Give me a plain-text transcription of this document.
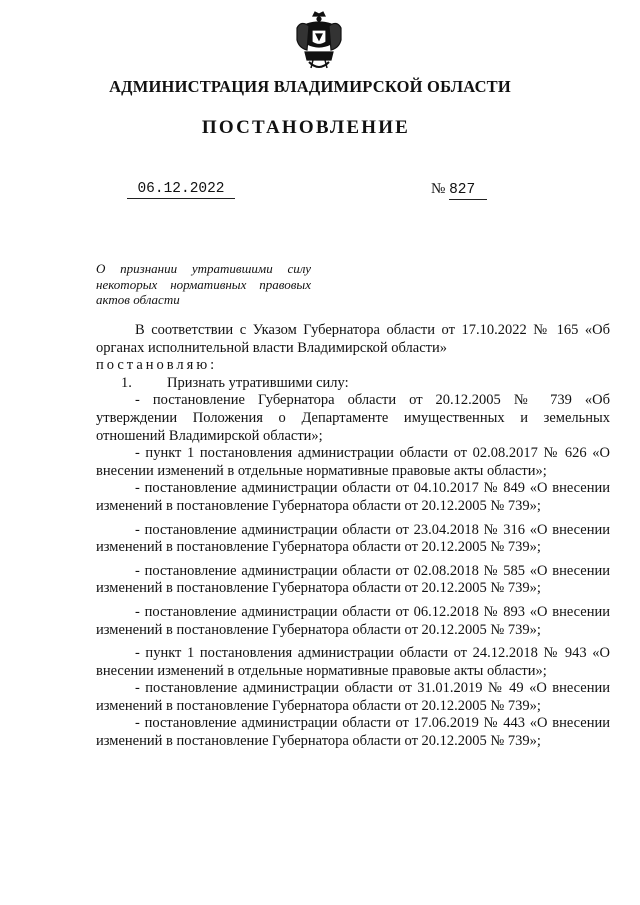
АДМИНИСТРАЦИЯ ВЛАДИМИРСКОЙ ОБЛАСТИ
ПОСТАНОВЛЕНИЕ
06.12.2022	№ 827
О признании утратившими силу
некоторых нормативных правовых
актов области
В соответствии с Указом Губернатора области от 17.10.2022 № 165 «Об органах исполнительной власти Владимирской области»
постановляю:
1. Признать утратившими силу:
- постановление Губернатора области от 20.12.2005 № 739 «Об утверждении Положения о Департаменте имущественных и земельных отношений Владимирской области»;
- пункт 1 постановления администрации области от 02.08.2017 № 626 «О внесении изменений в отдельные нормативные правовые акты области»;
- постановление администрации области от 04.10.2017 № 849 «О внесении изменений в постановление Губернатора области от 20.12.2005 № 739»;
- постановление администрации области от 23.04.2018 № 316 «О внесении изменений в постановление Губернатора области от 20.12.2005 № 739»;
- постановление администрации области от 02.08.2018 № 585 «О внесении изменений в постановление Губернатора области от 20.12.2005 № 739»;
- постановление администрации области от 06.12.2018 № 893 «О внесении изменений в постановление Губернатора области от 20.12.2005 № 739»;
- пункт 1 постановления администрации области от 24.12.2018 № 943 «О внесении изменений в отдельные нормативные правовые акты области»;
- постановление администрации области от 31.01.2019 № 49 «О внесении изменений в постановление Губернатора области от 20.12.2005 № 739»;
- постановление администрации области от 17.06.2019 № 443 «О внесении изменений в постановление Губернатора области от 20.12.2005 № 739»;
